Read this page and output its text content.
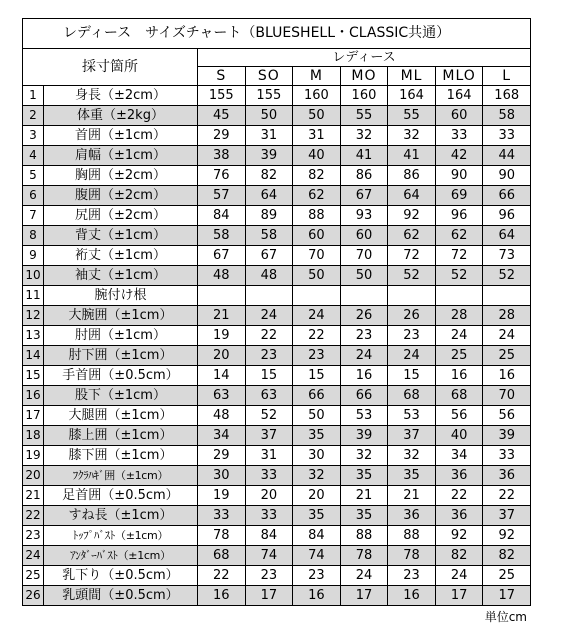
レディース　サイズチャート（BLUESHELL・CLASSIC共通）								
採寸箇所		レディース						
		S	SO	M	MO	ML	MLO	L
1	身長（±2cm）	155	155	160	160	164	164	168
2	体重（±2kg）	45	50	50	55	55	60	58
3	首囲（±1cm）	29	31	31	32	32	33	33
4	肩幅（±1cm）	38	39	40	41	41	42	44
5	胸囲（±2cm）	76	82	82	86	86	90	90
6	腹囲（±2cm）	57	64	62	67	64	69	66
7	尻囲（±2cm）	84	89	88	93	92	96	96
8	背丈（±1cm）	58	58	60	60	62	62	64
9	裄丈（±1cm）	67	67	70	70	72	72	73
10	袖丈（±1cm）	48	48	50	50	52	52	52
11	腕付け根							
12	大腕囲（±1cm）	21	24	24	26	26	28	28
13	肘囲（±1cm）	19	22	22	23	23	24	24
14	肘下囲（±1cm）	20	23	23	24	24	25	25
15	手首囲（±0.5cm）	14	15	15	16	15	16	16
16	股下（±1cm）	63	63	66	66	68	68	70
17	大腿囲（±1cm）	48	52	50	53	53	56	56
18	膝上囲（±1cm）	34	37	35	39	37	40	39
19	膝下囲（±1cm）	29	31	30	32	32	34	33
20	ﾌｸﾗﾊｷﾞ囲（±1cm）	30	33	32	35	35	36	36
21	足首囲（±0.5cm）	19	20	20	21	21	22	22
22	すね長（±1cm）	33	33	35	35	36	36	37
23	ﾄｯﾌﾟﾊﾞｽﾄ（±1cm）	78	84	84	88	88	92	92
24	ｱﾝﾀﾞｰﾊﾞｽﾄ（±1cm）	68	74	74	78	78	82	82
25	乳下り（±0.5cm）	22	23	23	24	23	24	25
26	乳頭間（±0.5cm）	16	17	16	17	16	17	17
単位cm
